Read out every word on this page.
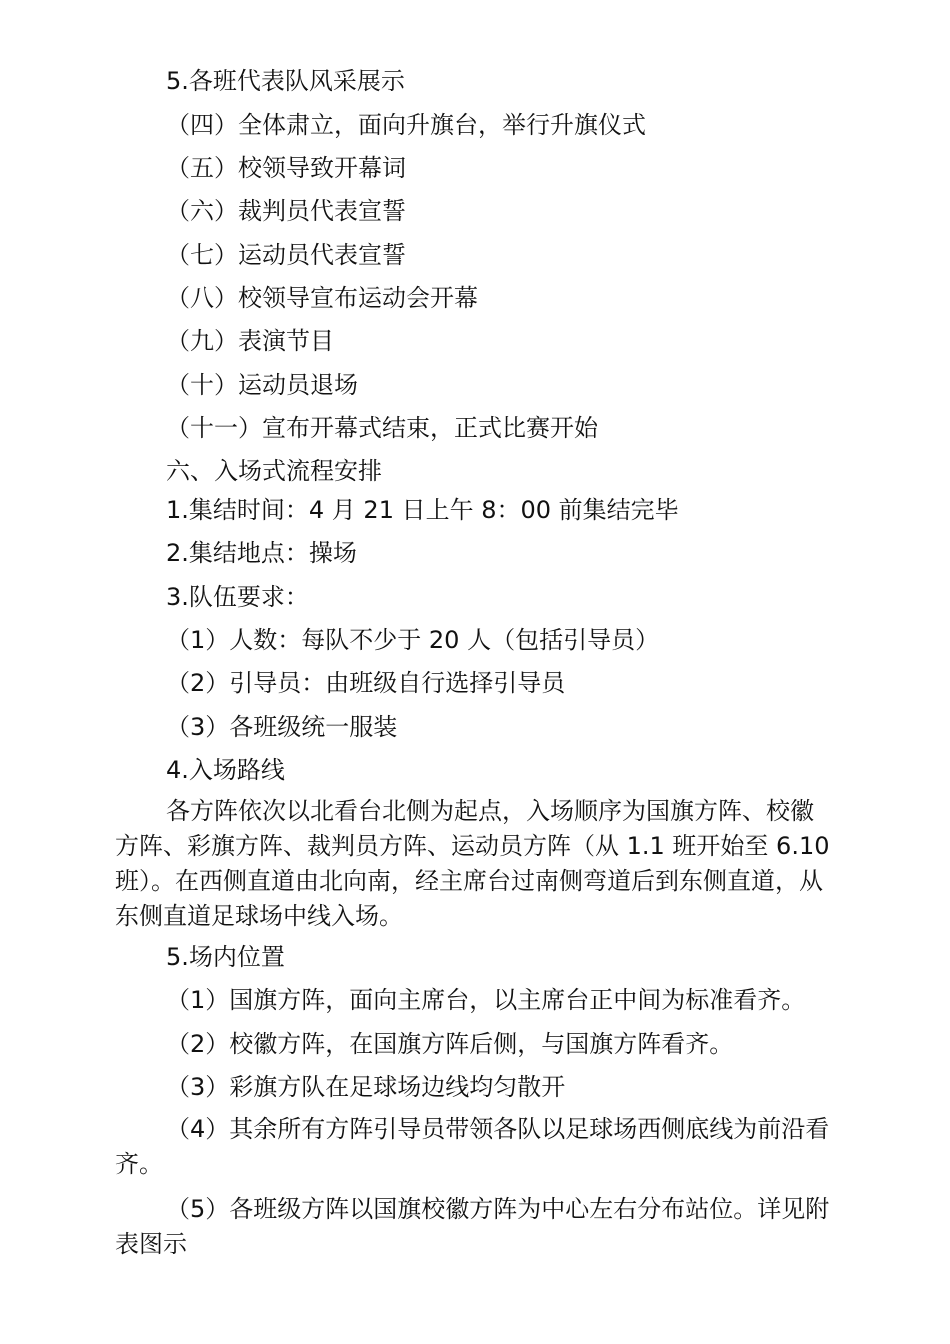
5.各班代表队风采展示
（四）全体肃立，面向升旗台，举行升旗仪式
（五）校领导致开幕词
（六）裁判员代表宣誓
（七）运动员代表宣誓
（八）校领导宣布运动会开幕
（九）表演节目
（十）运动员退场
（十一）宣布开幕式结束，正式比赛开始
六、入场式流程安排
1.集结时间：4 月 21 日上午 8：00 前集结完毕
2.集结地点：操场
3.队伍要求：
（1）人数：每队不少于 20 人（包括引导员）
（2）引导员：由班级自行选择引导员
（3）各班级统一服装
4.入场路线

各方阵依次以北看台北侧为起点，入场顺序为国旗方阵、校徽方阵、彩旗方阵、裁判员方阵、运动员方阵（从 1.1 班开始至 6.10 班）。在西侧直道由北向南，经主席台过南侧弯道后到东侧直道，从东侧直道足球场中线入场。

5.场内位置
（1）国旗方阵，面向主席台，以主席台正中间为标准看齐。
（2）校徽方阵，在国旗方阵后侧，与国旗方阵看齐。
（3）彩旗方队在足球场边线均匀散开

（4）其余所有方阵引导员带领各队以足球场西侧底线为前沿看齐。

（5）各班级方阵以国旗校徽方阵为中心左右分布站位。详见附表图示
